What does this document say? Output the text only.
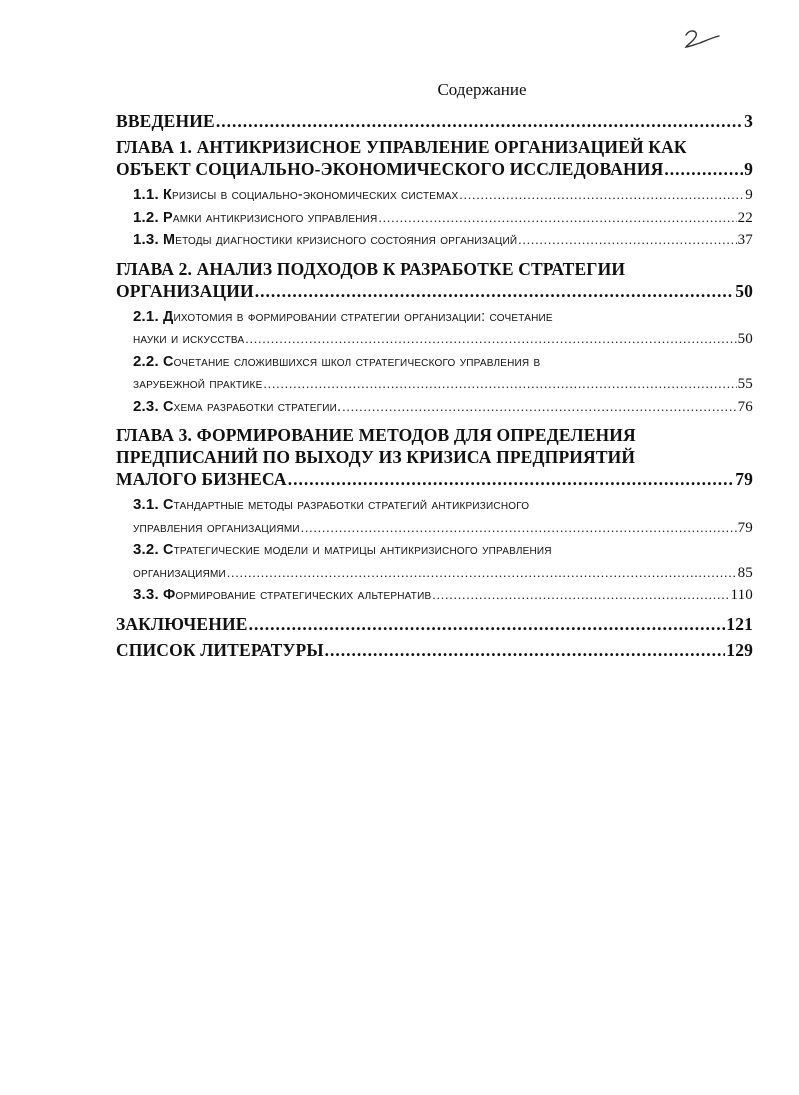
Содержание
ВВЕДЕНИЕ .....	3
ГЛАВА 1. АНТИКРИЗИСНОЕ УПРАВЛЕНИЕ ОРГАНИЗАЦИЕЙ КАК
ОБЪЕКТ СОЦИАЛЬНО-ЭКОНОМИЧЕСКОГО ИССЛЕДОВАНИЯ .....	9
1.1. Кризисы в социально-экономических системах .....	9
1.2. Рамки антикризисного управления .....	22
1.3. Методы диагностики кризисного состояния организаций .....	37
ГЛАВА 2. АНАЛИЗ ПОДХОДОВ К РАЗРАБОТКЕ СТРАТЕГИИ
ОРГАНИЗАЦИИ .....	50
2.1. Дихотомия в формировании стратегии организации: сочетание
науки и искусства .....	50
2.2. Сочетание сложившихся школ стратегического управления в
зарубежной практике .....	55
2.3. Схема разработки стратегии. .....	76
ГЛАВА 3. ФОРМИРОВАНИЕ МЕТОДОВ ДЛЯ ОПРЕДЕЛЕНИЯ
ПРЕДПИСАНИЙ ПО ВЫХОДУ ИЗ КРИЗИСА ПРЕДПРИЯТИЙ
МАЛОГО БИЗНЕСА .....	79
3.1. Стандартные методы разработки стратегий антикризисного
управления организациями .....	79
3.2. Стратегические модели и матрицы антикризисного управления
организациями .....	85
3.3. Формирование стратегических альтернатив .....	110
ЗАКЛЮЧЕНИЕ .....	121
СПИСОК ЛИТЕРАТУРЫ .....	129
